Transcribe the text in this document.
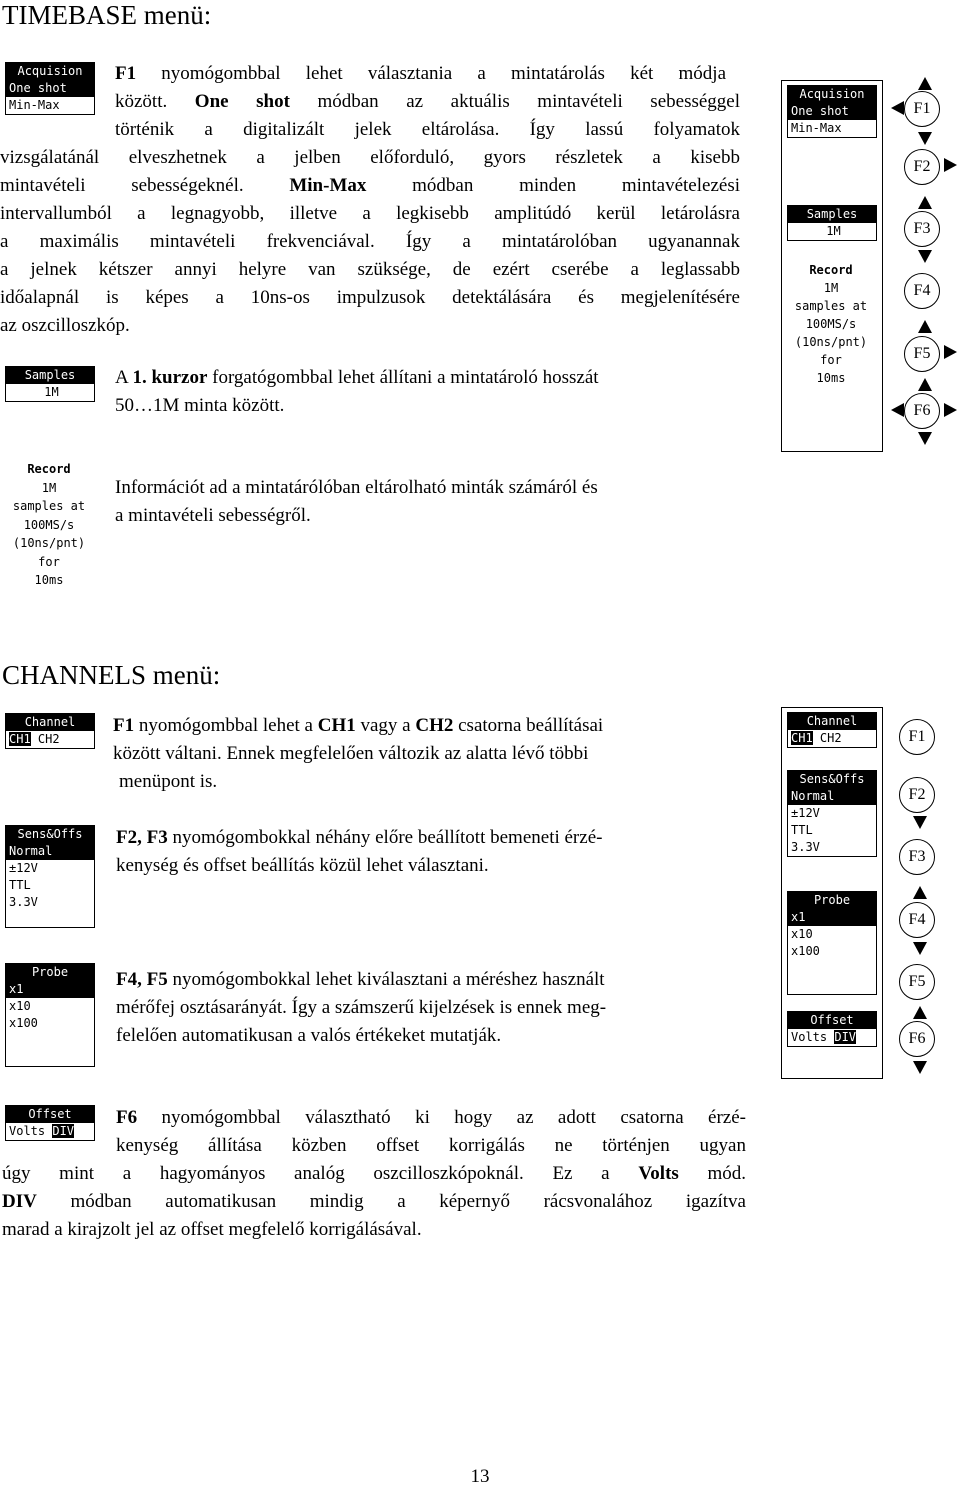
TIMEBASE menü:
Acquision
One shot
Min-Max

F1 nyomógombbal lehet választania a mintatárolás két módja

között. One shot módban az aktuális mintavételi sebességgel

történik a digitalizált jelek eltárolása. Így lassú folyamatok

vizsgálatánál elveszhetnek a jelben előforduló, gyors részletek a kisebb

mintavételi sebességeknél. Min-Max módban minden mintavételezési

intervallumból a legnagyobb, illetve a legkisebb amplitúdó kerül letárolásra

a maximális mintavételi frekvenciával. Így a mintatárolóban ugyanannak

a jelnek kétszer annyi helyre van szüksége, de ezért cserébe a leglassabb

időalapnál is képes a 10ns-os impulzusok detektálására és megjelenítésére

az oszcilloszkóp.

Samples
1M

A 1. kurzor forgatógombbal lehet állítani a mintatároló hosszát

50…1M minta között.

Record
1M
samples at
100MS/s
(10ns/pnt)
for
10ms

Információt ad a mintatárólóban eltárolható minták számáról és

a mintavételi sebességről.

Acquision
One shot
Min-Max
Samples
1M
Record
1M
samples at
100MS/s
(10ns/pnt)
for
10ms
F1
F2
F3
F4
F5
F6
CHANNELS menü:
Channel
CH1 CH2

F1 nyomógombbal lehet a CH1 vagy a CH2 csatorna beállításai

között váltani. Ennek megfelelően változik az alatta lévő többi

menüpont is.

Sens&Offs
Normal
±12V
TTL
3.3V

F2, F3 nyomógombokkal néhány előre beállított bemeneti érzé-

kenység és offset beállítás közül lehet választani.

Probe
x1
x10
x100

F4, F5 nyomógombokkal lehet kiválasztani a méréshez használt

mérőfej osztásarányát. Így a számszerű kijelzések is ennek meg-

felelően automatikusan a valós értékeket mutatják.

Offset
Volts DIV

F6 nyomógombbal választható ki hogy az adott csatorna érzé-

kenység állítása közben offset korrigálás ne történjen ugyan

úgy mint a hagyományos analóg oszcilloszkópoknál. Ez a Volts mód.

DIV módban automatikusan mindig a képernyő rácsvonalához igazítva

marad a kirajzolt jel az offset megfelelő korrigálásával.

Channel
CH1 CH2
Sens&Offs
Normal
±12V
TTL
3.3V
Probe
x1
x10
x100
Offset
Volts DIV
F1
F2
F3
F4
F5
F6
13
